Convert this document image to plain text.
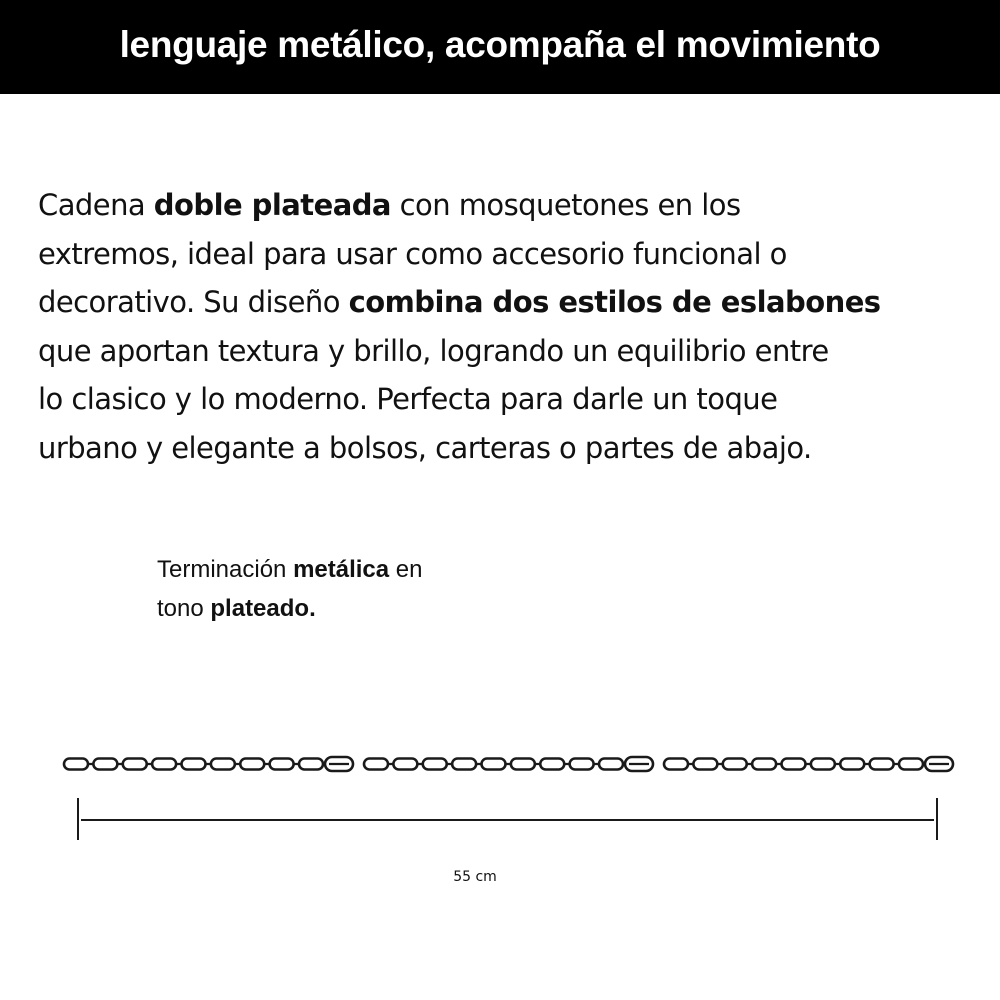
lenguaje metálico, acompaña el movimiento
Cadena doble plateada con mosquetones en los
extremos, ideal para usar como accesorio funcional o
decorativo. Su diseño combina dos estilos de eslabones
que aportan textura y brillo, logrando un equilibrio entre
lo clasico y lo moderno. Perfecta para darle un toque
urbano y elegante a bolsos, carteras o partes de abajo.
Terminación metálica en
tono plateado.
55 cm
